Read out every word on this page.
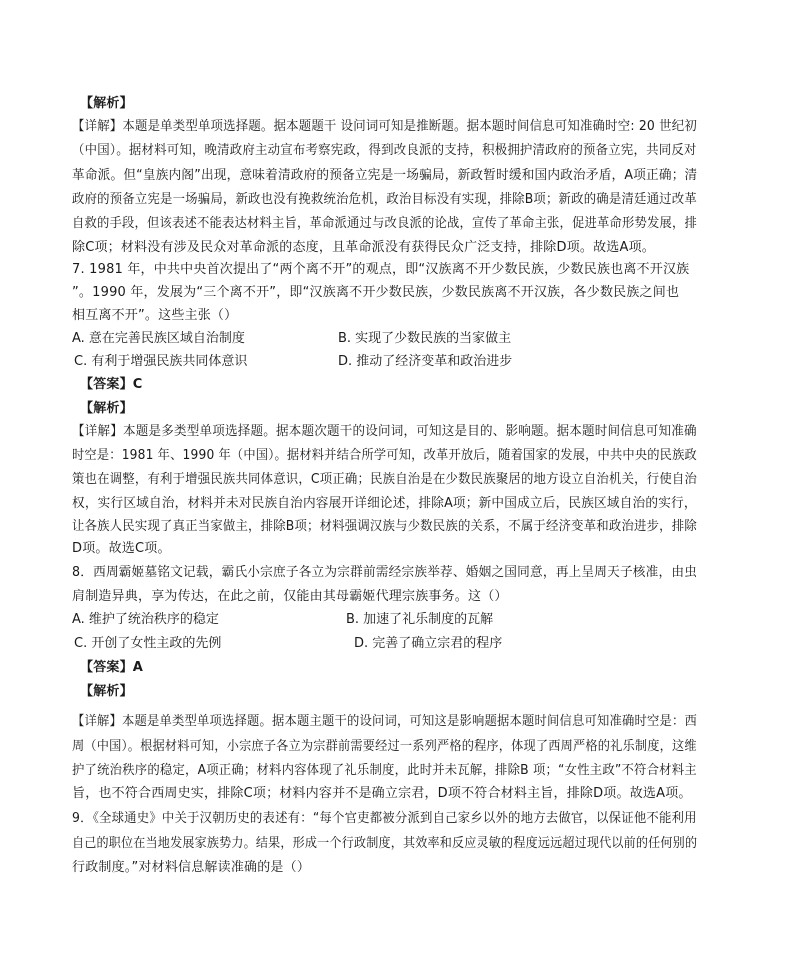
【解析】
【详解】本题是单类型单项选择题。据本题题干 设问词可知是推断题。据本题时间信息可知准确时空: 20 世纪初
（中国）。据材料可知，晚清政府主动宣布考察宪政，得到改良派的支持，积极拥护清政府的预备立宪，共同反对
革命派。但“皇族内阁”出现，意味着清政府的预备立宪是一场骗局，新政暂时缓和国内政治矛盾，A项正确；清
政府的预备立宪是一场骗局，新政也没有挽救统治危机，政治目标没有实现，排除B项；新政的确是清廷通过改革
自救的手段，但该表述不能表达材料主旨，革命派通过与改良派的论战，宣传了革命主张，促进革命形势发展，排
除C项；材料没有涉及民众对革命派的态度，且革命派没有获得民众广泛支持，排除D项。故选A项。
7. 1981 年，中共中央首次提出了“两个离不开”的观点，即“汉族离不开少数民族，少数民族也离不开汉族
”。1990 年，发展为“三个离不开”，即“汉族离不开少数民族，少数民族离不开汉族，各少数民族之间也
相互离不开”。这些主张（）
A. 意在完善民族区域自治制度	B. 实现了少数民族的当家做主
C. 有利于增强民族共同体意识	D. 推动了经济变革和政治进步
【答案】C
【解析】
【详解】本题是多类型单项选择题。据本题次题干的设问词，可知这是目的、影响题。据本题时间信息可知准确
时空是：1981 年、1990 年（中国）。据材料并结合所学可知，改革开放后，随着国家的发展，中共中央的民族政
策也在调整，有利于增强民族共同体意识，C项正确；民族自治是在少数民族聚居的地方设立自治机关，行使自治
权，实行区域自治，材料并未对民族自治内容展开详细论述，排除A项；新中国成立后，民族区域自治的实行，
让各族人民实现了真正当家做主，排除B项；材料强调汉族与少数民族的关系，不属于经济变革和政治进步，排除
D项。故选C项。
8．西周霸姬墓铭文记载，霸氏小宗庶子各立为宗群前需经宗族举荐、婚姻之国同意，再上呈周天子核准，由虫
肩制造异典，享为传达，在此之前，仅能由其母霸姬代理宗族事务。这（）
A. 维护了统治秩序的稳定	B. 加速了礼乐制度的瓦解
C. 开创了女性主政的先例	D. 完善了确立宗君的程序
【答案】A
【解析】
【详解】本题是单类型单项选择题。据本题主题干的设问词，可知这是影响题据本题时间信息可知准确时空是：西
周（中国）。根据材料可知，小宗庶子各立为宗群前需要经过一系列严格的程序，体现了西周严格的礼乐制度，这维
护了统治秩序的稳定，A项正确；材料内容体现了礼乐制度，此时并未瓦解，排除B 项；“女性主政”不符合材料主
旨，也不符合西周史实，排除C项；材料内容并不是确立宗君，D项不符合材料主旨，排除D项。故选A项。
9．《全球通史》中关于汉朝历史的表述有：“每个官吏都被分派到自己家乡以外的地方去做官，以保证他不能利用
自己的职位在当地发展家族势力。结果，形成一个行政制度，其效率和反应灵敏的程度远远超过现代以前的任何别的
行政制度。”对材料信息解读准确的是（）
